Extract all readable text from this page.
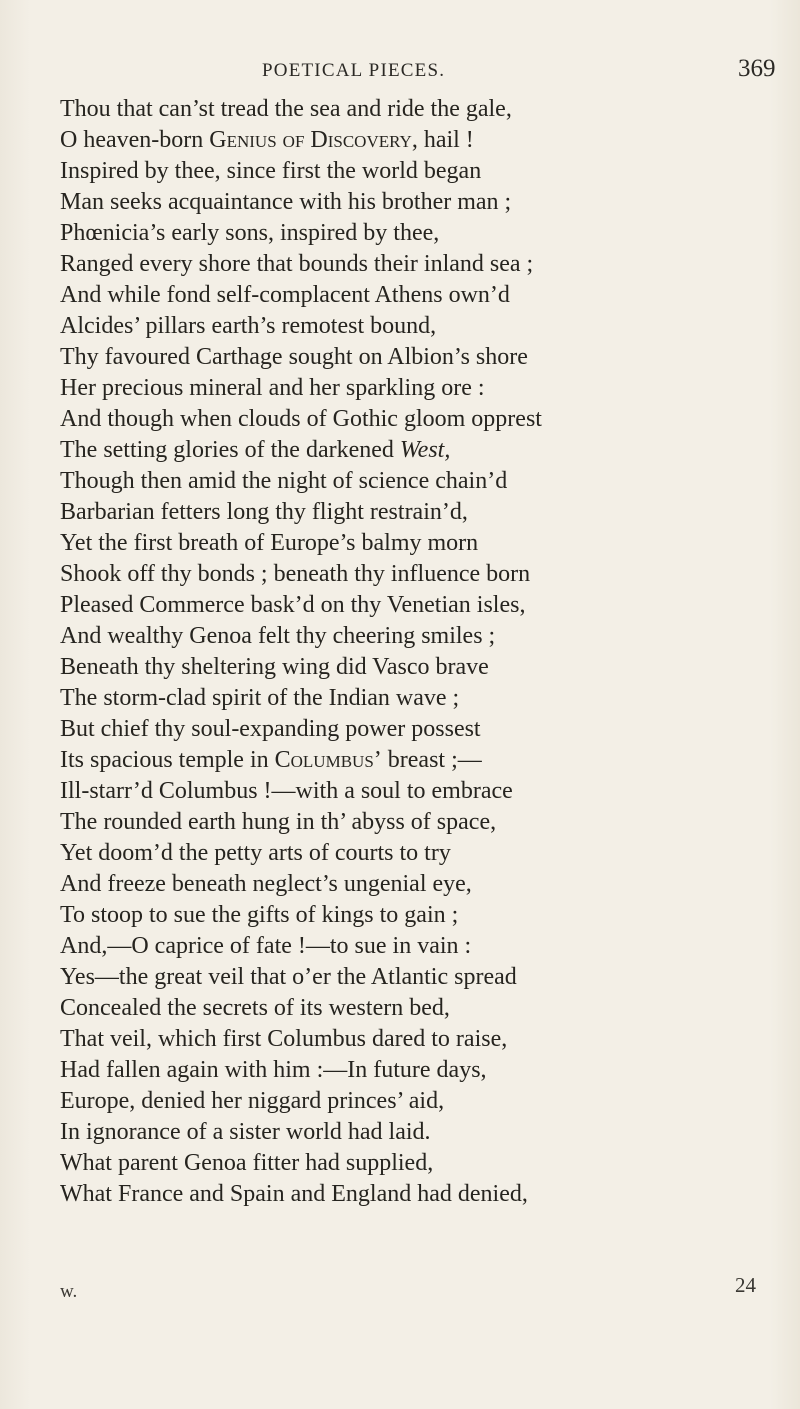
POETICAL PIECES.	369
Thou that can’st tread the sea and ride the gale,
O heaven-born Genius of Discovery, hail !
Inspired by thee, since first the world began
Man seeks acquaintance with his brother man ;
Phœnicia’s early sons, inspired by thee,
Ranged every shore that bounds their inland sea ;
And while fond self-complacent Athens own’d
Alcides’ pillars earth’s remotest bound,
Thy favoured Carthage sought on Albion’s shore
Her precious mineral and her sparkling ore :
And though when clouds of Gothic gloom opprest
The setting glories of the darkened West,
Though then amid the night of science chain’d
Barbarian fetters long thy flight restrain’d,
Yet the first breath of Europe’s balmy morn
Shook off thy bonds ; beneath thy influence born
Pleased Commerce bask’d on thy Venetian isles,
And wealthy Genoa felt thy cheering smiles ;
Beneath thy sheltering wing did Vasco brave
The storm-clad spirit of the Indian wave ;
But chief thy soul-expanding power possest
Its spacious temple in Columbus’ breast ;—
Ill-starr’d Columbus !—with a soul to embrace
The rounded earth hung in th’ abyss of space,
Yet doom’d the petty arts of courts to try
And freeze beneath neglect’s ungenial eye,
To stoop to sue the gifts of kings to gain ;
And,—O caprice of fate !—to sue in vain :
Yes—the great veil that o’er the Atlantic spread
Concealed the secrets of its western bed,
That veil, which first Columbus dared to raise,
Had fallen again with him :—In future days,
Europe, denied her niggard princes’ aid,
In ignorance of a sister world had laid.
What parent Genoa fitter had supplied,
What France and Spain and England had denied,
w.	24
